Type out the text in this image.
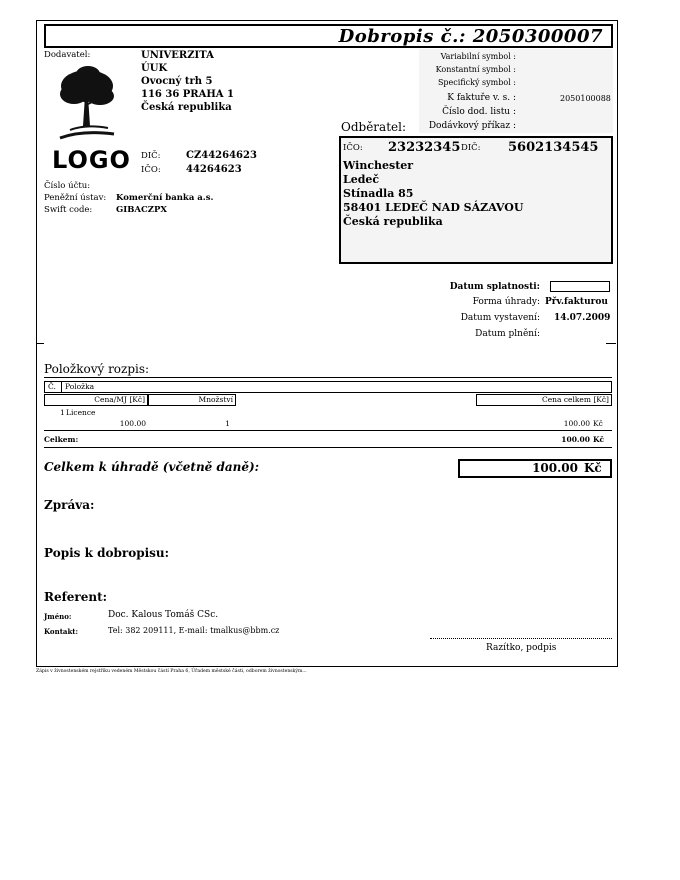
Dobropis č.: 2050300007
Dodavatel:	UNIVERZITA
ÚUK
Ovocný trh 5
116 36 PRAHA 1
Česká republika
LOGO DIČ:	CZ44264623
IČO:	44264623
Číslo účtu:
Peněžní ústav: Komerční banka a.s.
Swift code:	GIBACZPX
Variabilní symbol :
Konstantní symbol :
Specifický symbol :
K faktuře v. s. :	2050100088
Číslo dod. listu :
Dodávkový příkaz :
Odběratel:
IČO: 23232345 DIČ: 5602134545
Winchester
Ledeč
Stínadla 85
58401 LEDEČ NAD SÁZAVOU
Česká republika
Datum splatnosti:
Forma úhrady: Přv.fakturou
Datum vystavení: 14.07.2009
Datum plnění:
Položkový rozpis:
Č. Položka
Cena/MJ [Kč]	Množství	Cena celkem [Kč]
1 Licence
100.00	1	100.00 Kč
Celkem:	100.00 Kč
Celkem k úhradě (včetně daně):	100.00 Kč
Zpráva:
Popis k dobropisu:
Referent:
Jméno:	Doc. Kalous Tomáš CSc.
Kontakt:	Tel: 382 209111, E-mail: tmalkus@bbm.cz
Razítko, podpis
Zápis v živnostenském rejstříku vedeném Městskou částí Praha 6, Úřadem městské části, odborem živnostenským...
